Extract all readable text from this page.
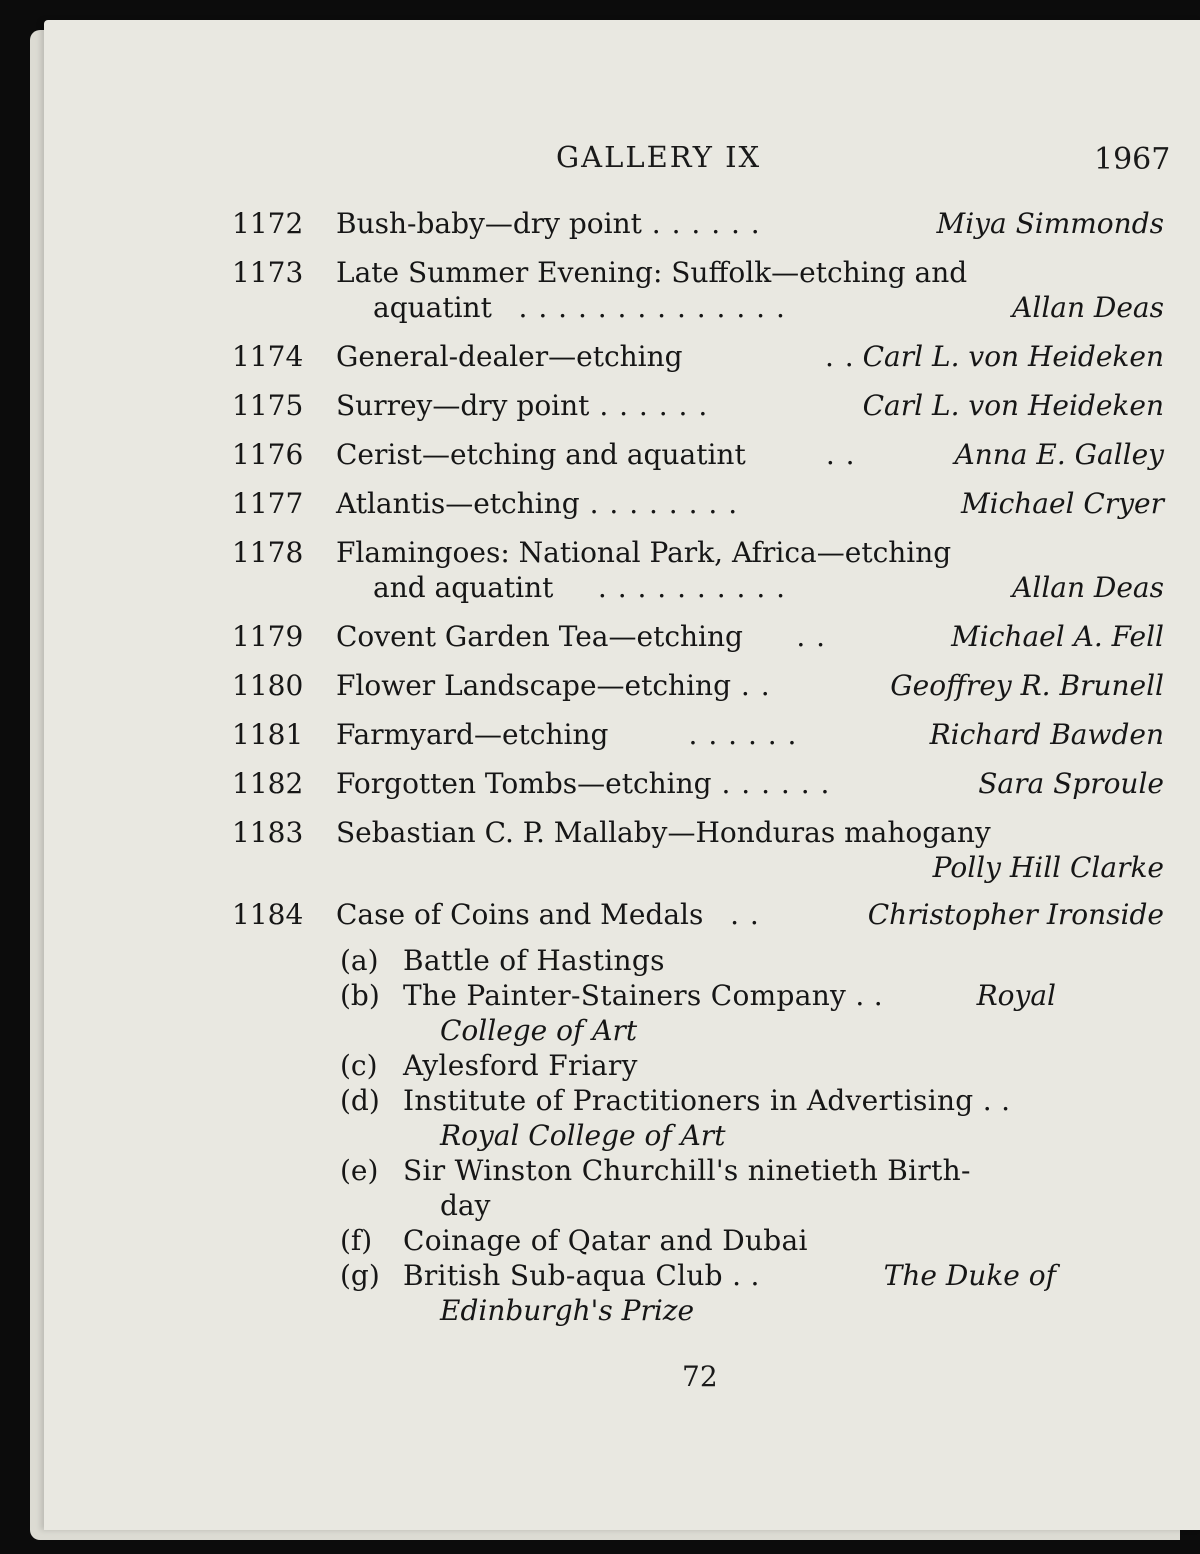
GALLERY IX	1967
1172 Bush-baby—dry point . . . . . .	Miya Simmonds
1173 Late Summer Evening: Suffolk—etching and
aquatint . . . . . . . . . . . . . .	Allan Deas
1174 General-dealer—etching	. . Carl L. von Heideken
1175 Surrey—dry point . . . . . .	Carl L. von Heideken
1176 Cerist—etching and aquatint	. .	Anna E. Galley
1177 Atlantis—etching . . . . . . . .	Michael Cryer
1178 Flamingoes: National Park, Africa—etching
and aquatint . . . . . . . . . .	Allan Deas
1179 Covent Garden Tea—etching . .	Michael A. Fell
1180 Flower Landscape—etching . .	Geoffrey R. Brunell
1181 Farmyard—etching	. . . . . .	Richard Bawden
1182 Forgotten Tombs—etching . . . . . .	Sara Sproule
1183 Sebastian C. P. Mallaby—Honduras mahogany
Polly Hill Clarke
1184 Case of Coins and Medals . .	Christopher Ironside
(a) Battle of Hastings
(b) The Painter-Stainers Company . .	Royal
College of Art
(c) Aylesford Friary
(d) Institute of Practitioners in Advertising . .
Royal College of Art
(e) Sir Winston Churchill's ninetieth Birth-
day
(f) Coinage of Qatar and Dubai
(g) British Sub-aqua Club . .	The Duke of
Edinburgh's Prize
72
